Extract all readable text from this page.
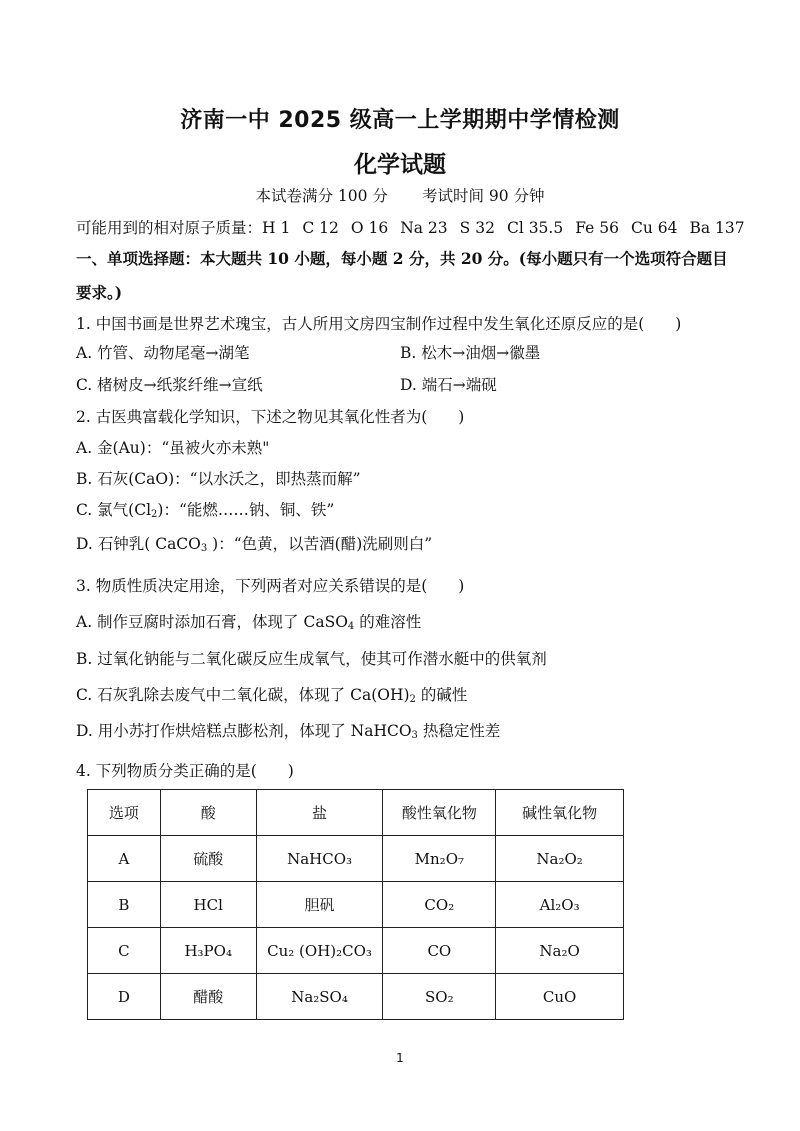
济南一中 2025 级高一上学期期中学情检测
化学试题
本试卷满分 100 分 考试时间 90 分钟
可能用到的相对原子质量：H 1 C 12 O 16 Na 23 S 32 Cl 35.5 Fe 56 Cu 64 Ba 137
一、单项选择题：本大题共 10 小题，每小题 2 分，共 20 分。(每小题只有一个选项符合题目
要求。)
1. 中国书画是世界艺术瑰宝，古人所用文房四宝制作过程中发生氧化还原反应的是(　　)
A. 竹管、动物尾毫→湖笔	B. 松木→油烟→徽墨
C. 楮树皮→纸浆纤维→宣纸	D. 端石→端砚
2. 古医典富载化学知识，下述之物见其氧化性者为(　　)
A. 金(Au)：“虽被火亦未熟"
B. 石灰(CaO)：“以水沃之，即热蒸而解”
C. 氯气$(Cl_2)$：“能燃……钠、铜、铁”
D. 石钟乳( CaCO$_3$ )：“色黄，以苦酒(醋)洗刷则白”
3. 物质性质决定用途，下列两者对应关系错误的是(　　)
A. 制作豆腐时添加石膏，体现了 CaSO$_4$ 的难溶性
B. 过氧化钠能与二氧化碳反应生成氧气，使其可作潜水艇中的供氧剂
C. 石灰乳除去废气中二氧化碳，体现了 $Ca(OH)_2$ 的碱性
D. 用小苏打作烘焙糕点膨松剂，体现了 NaHCO$_3$ 热稳定性差
4. 下列物质分类正确的是(　　)
选项	酸	盐	酸性氧化物	碱性氧化物
A	硫酸	NaHCO₃	Mn₂O₇	Na₂O₂
B	HCl	胆矾	CO₂	Al₂O₃
C	H₃PO₄	Cu₂ (OH)₂CO₃	CO	Na₂O
D	醋酸	Na₂SO₄	SO₂	CuO
1
